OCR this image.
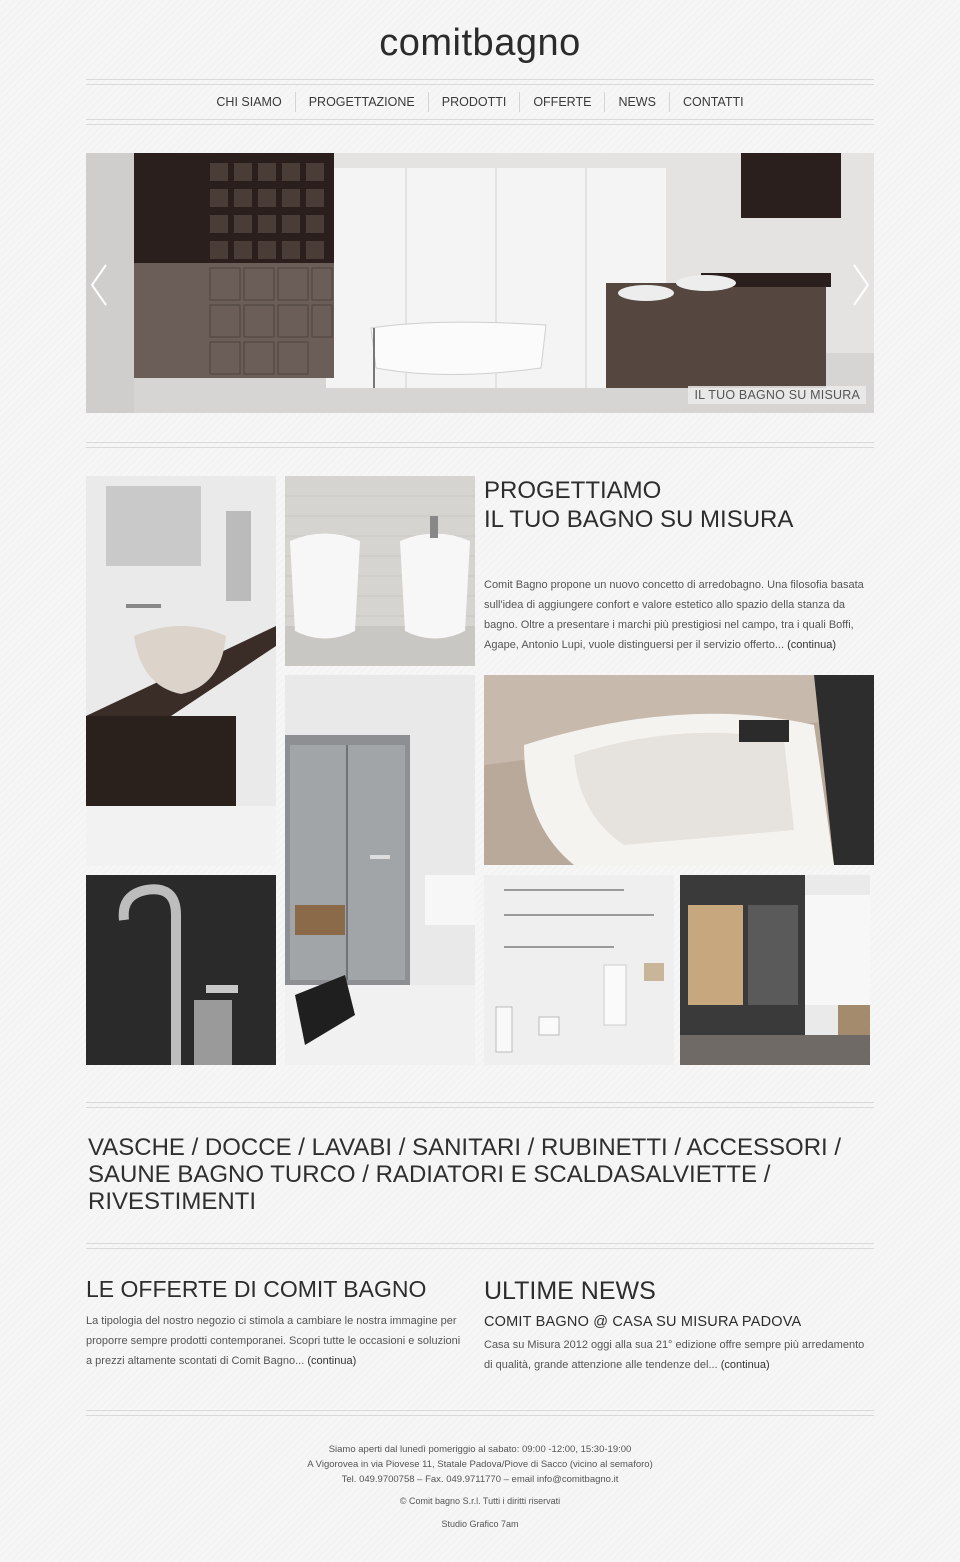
comitbagno
CHI SIAMO	PROGETTAZIONE	PRODOTTI	OFFERTE	NEWS	CONTATTI
IL TUO BAGNO SU MISURA
PROGETTIAMO
IL TUO BAGNO SU MISURA
Comit Bagno propone un nuovo concetto di arredobagno. Una filosofia basata
sull'idea di aggiungere confort e valore estetico allo spazio della stanza da
bagno. Oltre a presentare i marchi più prestigiosi nel campo, tra i quali Boffi,
Agape, Antonio Lupi, vuole distinguersi per il servizio offerto... (continua)
VASCHE / DOCCE / LAVABI / SANITARI / RUBINETTI / ACCESSORI /
SAUNE BAGNO TURCO / RADIATORI E SCALDASALVIETTE /
RIVESTIMENTI
LE OFFERTE DI COMIT BAGNO
La tipologia del nostro negozio ci stimola a cambiare le nostra immagine per
proporre sempre prodotti contemporanei. Scopri tutte le occasioni e soluzioni
a prezzi altamente scontati di Comit Bagno... (continua)
ULTIME NEWS
COMIT BAGNO @ CASA SU MISURA PADOVA
Casa su Misura 2012 oggi alla sua 21° edizione offre sempre più arredamento
di qualità, grande attenzione alle tendenze del... (continua)
Siamo aperti dal lunedì pomeriggio al sabato: 09:00 -12:00, 15:30-19:00
A Vigorovea in via Piovese 11, Statale Padova/Piove di Sacco (vicino al semaforo)
Tel. 049.9700758 – Fax. 049.9711770 – email info@comitbagno.it
© Comit bagno S.r.l. Tutti i diritti riservati
Studio Grafico 7am
